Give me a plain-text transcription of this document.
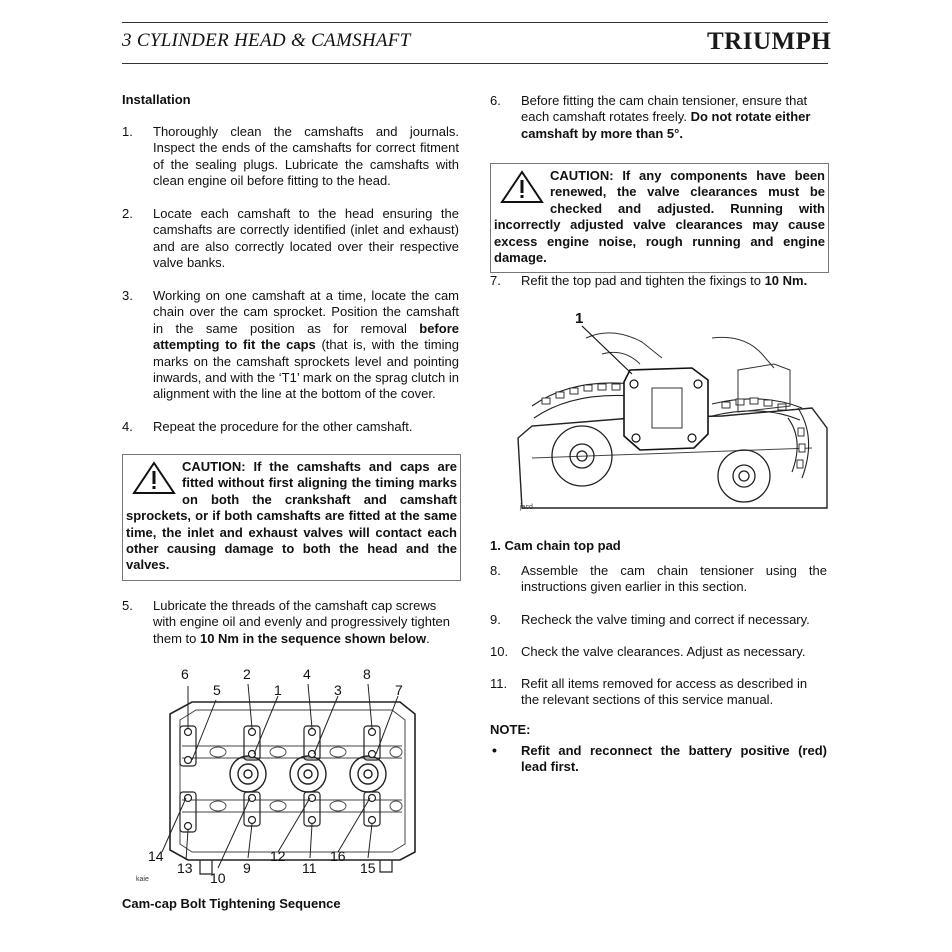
3 CYLINDER HEAD & CAMSHAFT	TRIUMPH
Installation
1.	Thoroughly clean the camshafts and journals. Inspect the ends of the camshafts for correct fitment of the sealing plugs. Lubricate the camshafts with clean engine oil before fitting to the head.
2.	Locate each camshaft to the head ensuring the camshafts are correctly identified (inlet and exhaust) and are also correctly located over their respective valve banks.
3.	Working on one camshaft at a time, locate the cam chain over the cam sprocket. Position the camshaft in the same position as for removal before attempting to fit the caps (that is, with the timing marks on the camshaft sprockets level and pointing inwards, and with the ‘T1’ mark on the sprag clutch in alignment with the line at the bottom of the cover.
4.	Repeat the procedure for the other camshaft.
CAUTION: If the camshafts and caps are fitted without first aligning the timing marks on both the crankshaft and camshaft sprockets, or if both camshafts are fitted at the same time, the inlet and exhaust valves will contact each other causing damage to both the head and the valves.
5.	Lubricate the threads of the camshaft cap screws with engine oil and evenly and progressively tighten them to 10 Nm in the sequence shown below.
6
5
2
1
4
3
8
7
14
13
10
9
12
11
16
15
kaie
Cam-cap Bolt Tightening Sequence
6.	Before fitting the cam chain tensioner, ensure that each camshaft rotates freely. Do not rotate either camshaft by more than 5°.
CAUTION: If any components have been renewed, the valve clearances must be checked and adjusted. Running with incorrectly adjusted valve clearances may cause excess engine noise, rough running and engine damage.
7.	Refit the top pad and tighten the fixings to 10 Nm.
1
jacd
1. Cam chain top pad
8.	Assemble the cam chain tensioner using the instructions given earlier in this section.
9.	Recheck the valve timing and correct if necessary.
10. Check the valve clearances. Adjust as necessary.
11.	Refit all items removed for access as described in the relevant sections of this service manual.
NOTE:
• Refit and reconnect the battery positive (red) lead first.
